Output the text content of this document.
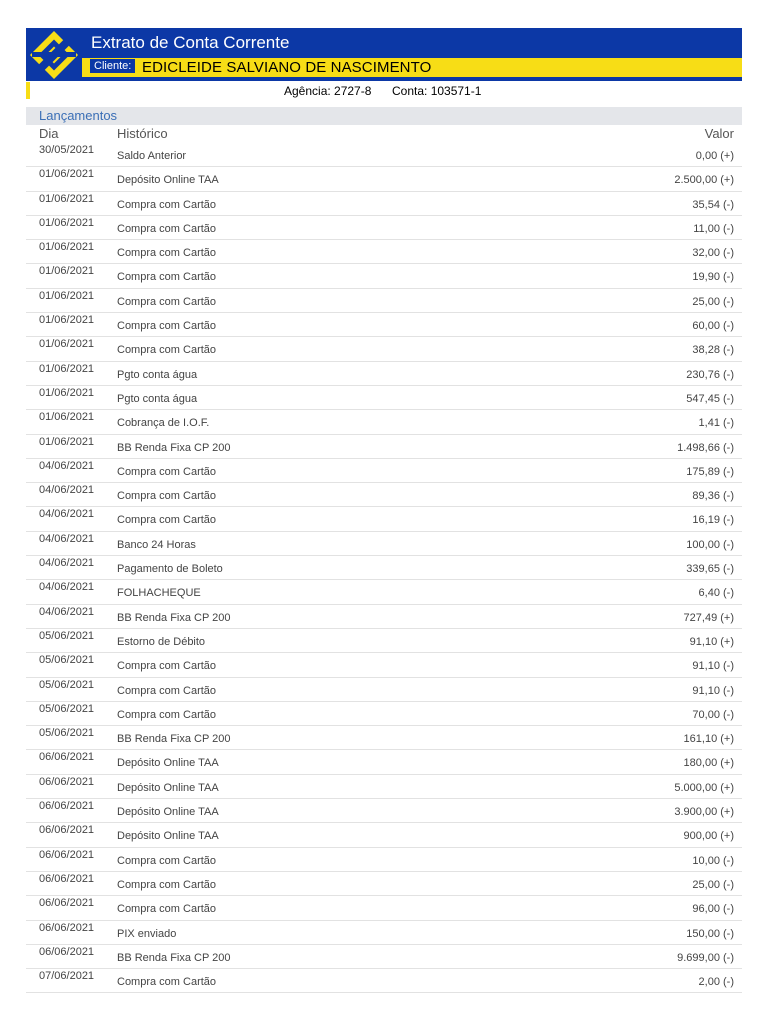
Extrato de Conta Corrente
Cliente: EDICLEIDE SALVIANO DE NASCIMENTO
Agência: 2727-8 Conta: 103571-1
Lançamentos
Dia	Histórico	Valor
30/05/2021 Saldo Anterior	0,00 (+)
01/06/2021 Depósito Online TAA	2.500,00 (+)
01/06/2021 Compra com Cartão	35,54 (-)
01/06/2021 Compra com Cartão	11,00 (-)
01/06/2021 Compra com Cartão	32,00 (-)
01/06/2021 Compra com Cartão	19,90 (-)
01/06/2021 Compra com Cartão	25,00 (-)
01/06/2021 Compra com Cartão	60,00 (-)
01/06/2021 Compra com Cartão	38,28 (-)
01/06/2021 Pgto conta água	230,76 (-)
01/06/2021 Pgto conta água	547,45 (-)
01/06/2021 Cobrança de I.O.F.	1,41 (-)
01/06/2021 BB Renda Fixa CP 200	1.498,66 (-)
04/06/2021 Compra com Cartão	175,89 (-)
04/06/2021 Compra com Cartão	89,36 (-)
04/06/2021 Compra com Cartão	16,19 (-)
04/06/2021 Banco 24 Horas	100,00 (-)
04/06/2021 Pagamento de Boleto	339,65 (-)
04/06/2021 FOLHACHEQUE	6,40 (-)
04/06/2021 BB Renda Fixa CP 200	727,49 (+)
05/06/2021 Estorno de Débito	91,10 (+)
05/06/2021 Compra com Cartão	91,10 (-)
05/06/2021 Compra com Cartão	91,10 (-)
05/06/2021 Compra com Cartão	70,00 (-)
05/06/2021 BB Renda Fixa CP 200	161,10 (+)
06/06/2021 Depósito Online TAA	180,00 (+)
06/06/2021 Depósito Online TAA	5.000,00 (+)
06/06/2021 Depósito Online TAA	3.900,00 (+)
06/06/2021 Depósito Online TAA	900,00 (+)
06/06/2021 Compra com Cartão	10,00 (-)
06/06/2021 Compra com Cartão	25,00 (-)
06/06/2021 Compra com Cartão	96,00 (-)
06/06/2021 PIX enviado	150,00 (-)
06/06/2021 BB Renda Fixa CP 200	9.699,00 (-)
07/06/2021 Compra com Cartão	2,00 (-)
